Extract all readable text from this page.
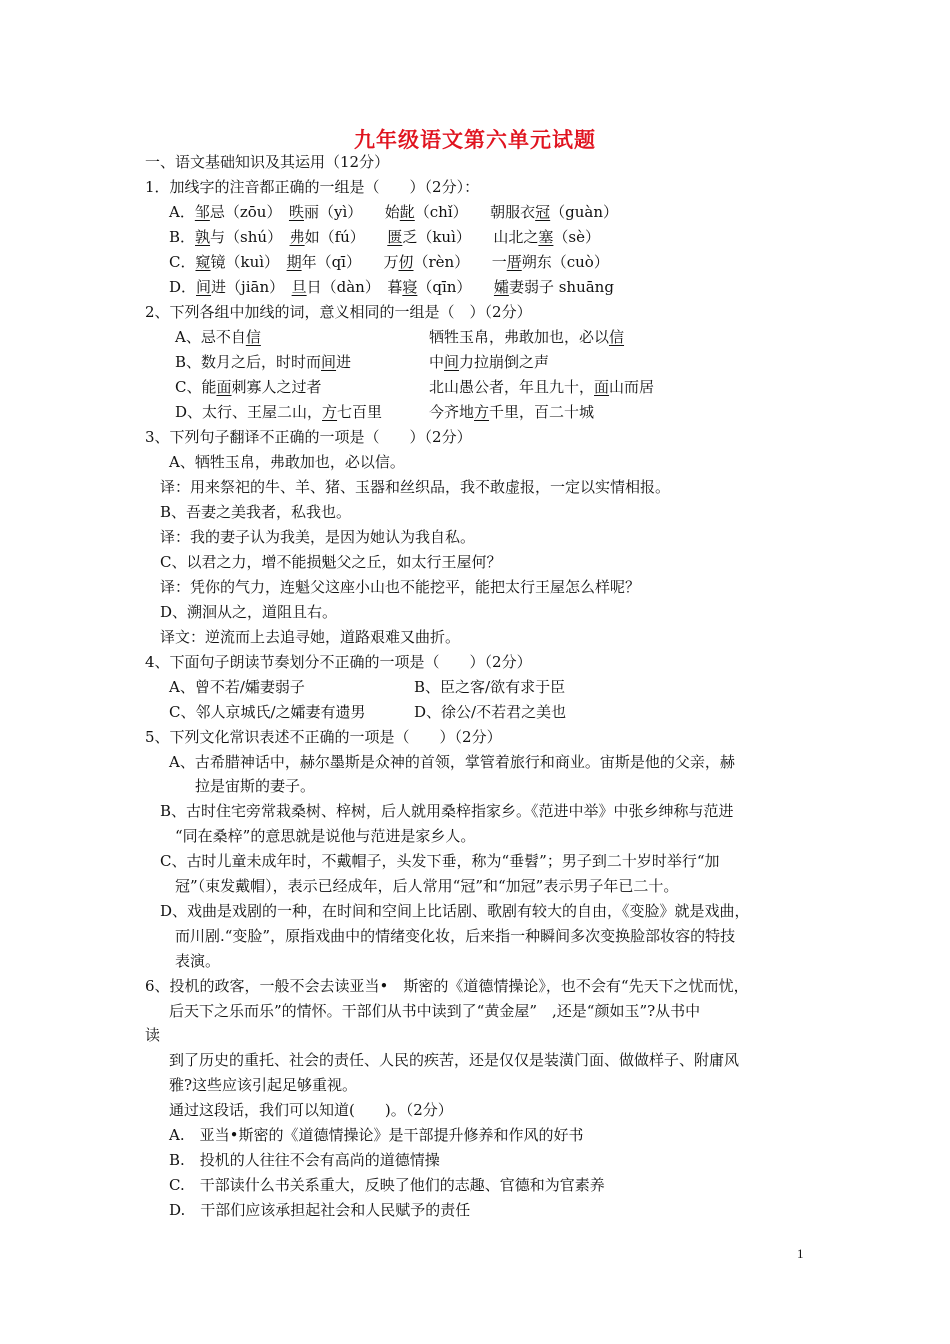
九年级语文第六单元试题
一、语文基础知识及其运用（12分）
1．加线字的注音都正确的一组是（　　）（2分）：
A．邹忌（zōu）　昳丽（yì）　　始龀（chǐ）　　朝服衣冠（guàn）
B．孰与（shú）　弗如（fú）　　匮乏（kuì）　　山北之塞（sè）
C．窥镜（kuì）　期年（qī）　　万仞（rèn）　　一厝朔东（cuò）
D．间进（jiān）　旦日（dàn）　暮寝（qīn）　　孀妻弱子 shuāng
2、下列各组中加线的词，意义相同的一组是（　）（2分）
A、忌不自信	牺牲玉帛，弗敢加也，必以信
B、数月之后，时时而间进	中间力拉崩倒之声
C、能面刺寡人之过者	北山愚公者，年且九十，面山而居
D、太行、王屋二山，方七百里	今齐地方千里，百二十城
3、下列句子翻译不正确的一项是（　　）（2分）
A、牺牲玉帛，弗敢加也，必以信。
译：用来祭祀的牛、羊、猪、玉器和丝织品，我不敢虚报，一定以实情相报。
B、吾妻之美我者，私我也。
译：我的妻子认为我美，是因为她认为我自私。
C、以君之力，增不能损魁父之丘，如太行王屋何？
译：凭你的气力，连魁父这座小山也不能挖平，能把太行王屋怎么样呢？
D、溯洄从之，道阻且右。
译文：逆流而上去追寻她，道路艰难又曲折。
4、下面句子朗读节奏划分不正确的一项是（　　）（2分）
A、曾不若/孀妻弱子	B、臣之客/欲有求于臣
C、邻人京城氏/之孀妻有遗男	D、徐公/不若君之美也
5、下列文化常识表述不正确的一项是（　　）（2分）
A、古希腊神话中，赫尔墨斯是众神的首领，掌管着旅行和商业。宙斯是他的父亲，赫
拉是宙斯的妻子。
B、古时住宅旁常栽桑树、梓树，后人就用桑梓指家乡。《范进中举》中张乡绅称与范进
“同在桑梓”的意思就是说他与范进是家乡人。
C、古时儿童未成年时，不戴帽子，头发下垂，称为“垂髫”；男子到二十岁时举行“加
冠”（束发戴帽），表示已经成年，后人常用“冠”和“加冠”表示男子年已二十。
D、戏曲是戏剧的一种，在时间和空间上比话剧、歌剧有较大的自由，《变脸》就是戏曲，
而川剧.“变脸”，原指戏曲中的情绪变化妆，后来指一种瞬间多次变换脸部妆容的特技
表演。
6、投机的政客，一般不会去读亚当•　斯密的《道德情操论》，也不会有“先天下之忧而忧，
后天下之乐而乐”的情怀。干部们从书中读到了“黄金屋”　,还是“颜如玉”?从书中
读
到了历史的重托、社会的责任、人民的疾苦，还是仅仅是装潢门面、做做样子、附庸风
雅?这些应该引起足够重视。
通过这段话，我们可以知道(　　)。（2分）
A.　亚当•斯密的《道德情操论》是干部提升修养和作风的好书
B.　投机的人往往不会有高尚的道德情操
C.　干部读什么书关系重大，反映了他们的志趣、官德和为官素养
D.　干部们应该承担起社会和人民赋予的责任
1
